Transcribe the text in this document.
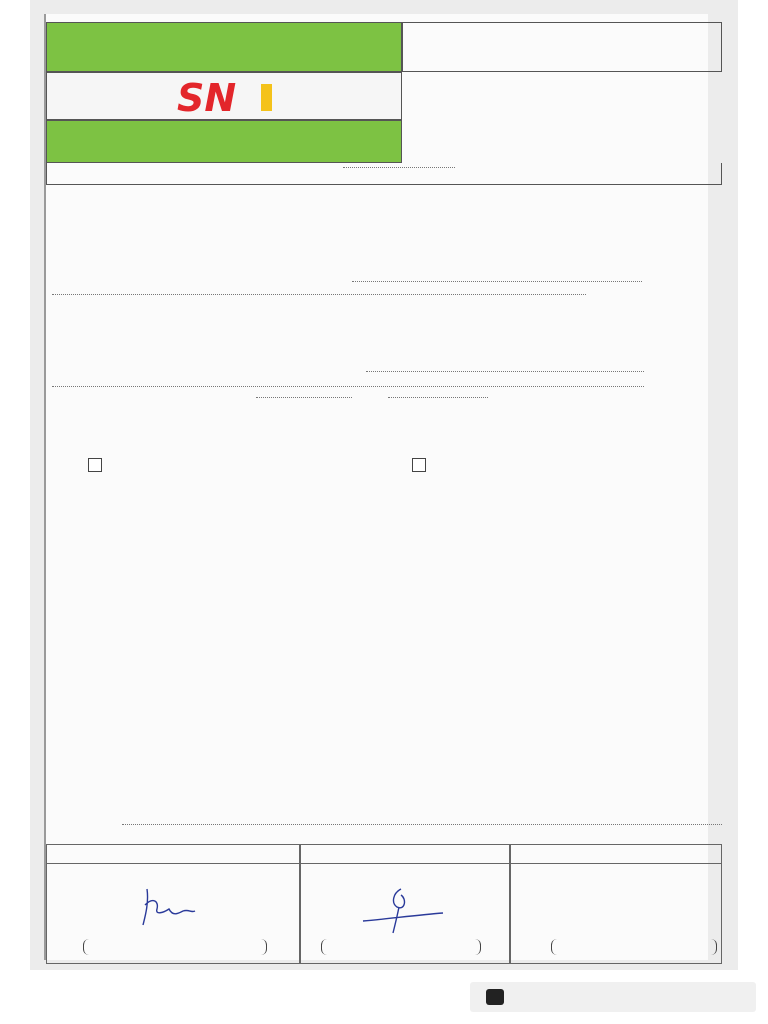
SN
